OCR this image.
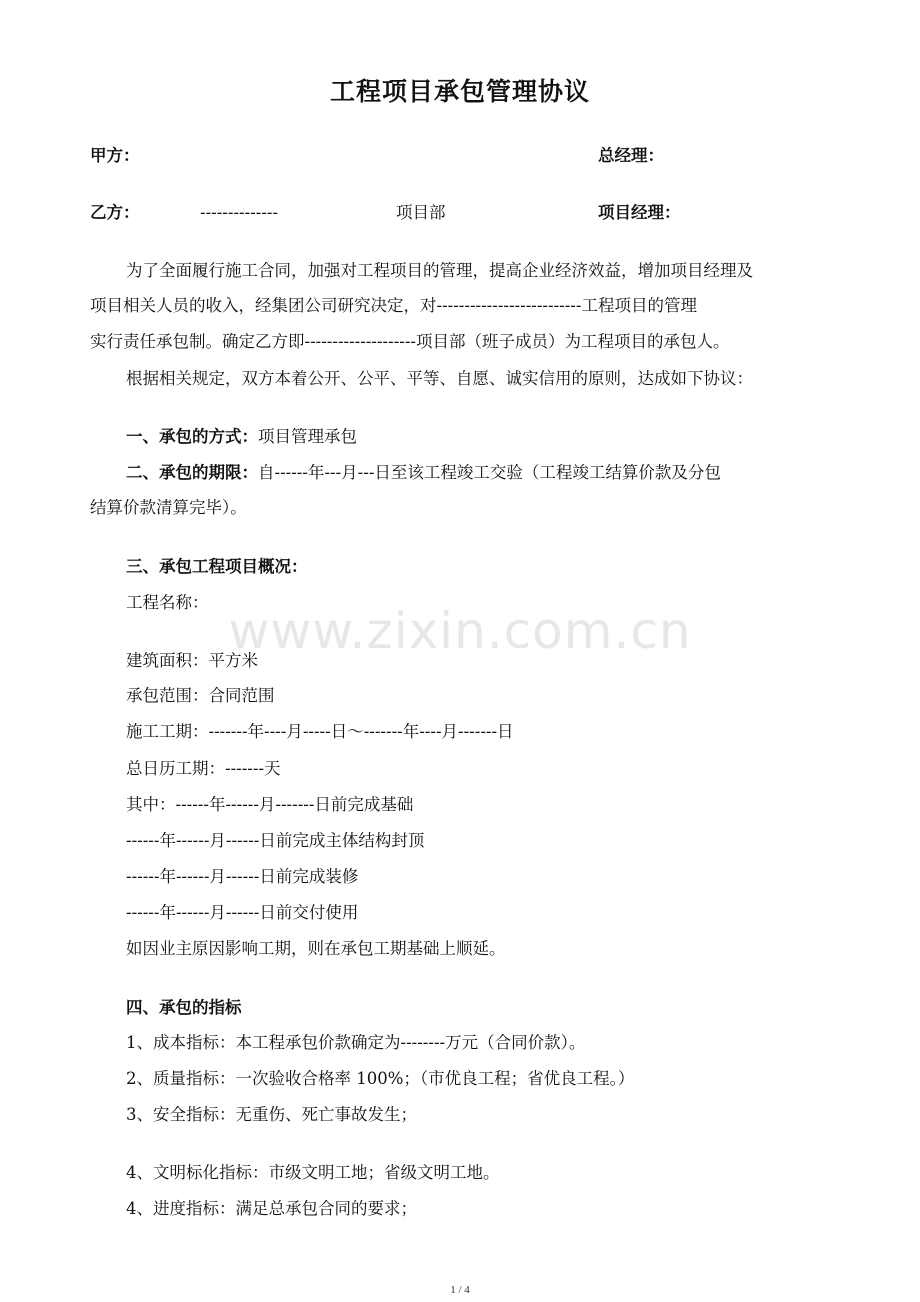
工程项目承包管理协议
甲方：	总经理：
乙方：	--------------	项目部	项目经理：
为了全面履行施工合同，加强对工程项目的管理，提高企业经济效益，增加项目经理及
项目相关人员的收入，经集团公司研究决定，对--------------------------工程项目的管理
实行责任承包制。确定乙方即--------------------项目部（班子成员）为工程项目的承包人。
根据相关规定，双方本着公开、公平、平等、自愿、诚实信用的原则，达成如下协议：
一、承包的方式：项目管理承包
二、承包的期限：自------年---月---日至该工程竣工交验（工程竣工结算价款及分包
结算价款清算完毕）。
三、承包工程项目概况：
工程名称：
建筑面积：平方米
承包范围：合同范围
施工工期：-------年----月-----日～-------年----月-------日
总日历工期：-------天
其中：------年------月-------日前完成基础
------年------月------日前完成主体结构封顶
------年------月------日前完成装修
------年------月------日前交付使用
如因业主原因影响工期，则在承包工期基础上顺延。
四、承包的指标
1、成本指标：本工程承包价款确定为--------万元（合同价款）。
2、质量指标：一次验收合格率 100%；（市优良工程；省优良工程。）
3、安全指标：无重伤、死亡事故发生；
4、文明标化指标：市级文明工地；省级文明工地。
4、进度指标：满足总承包合同的要求；
www.zixin.com.cn
1 / 4
